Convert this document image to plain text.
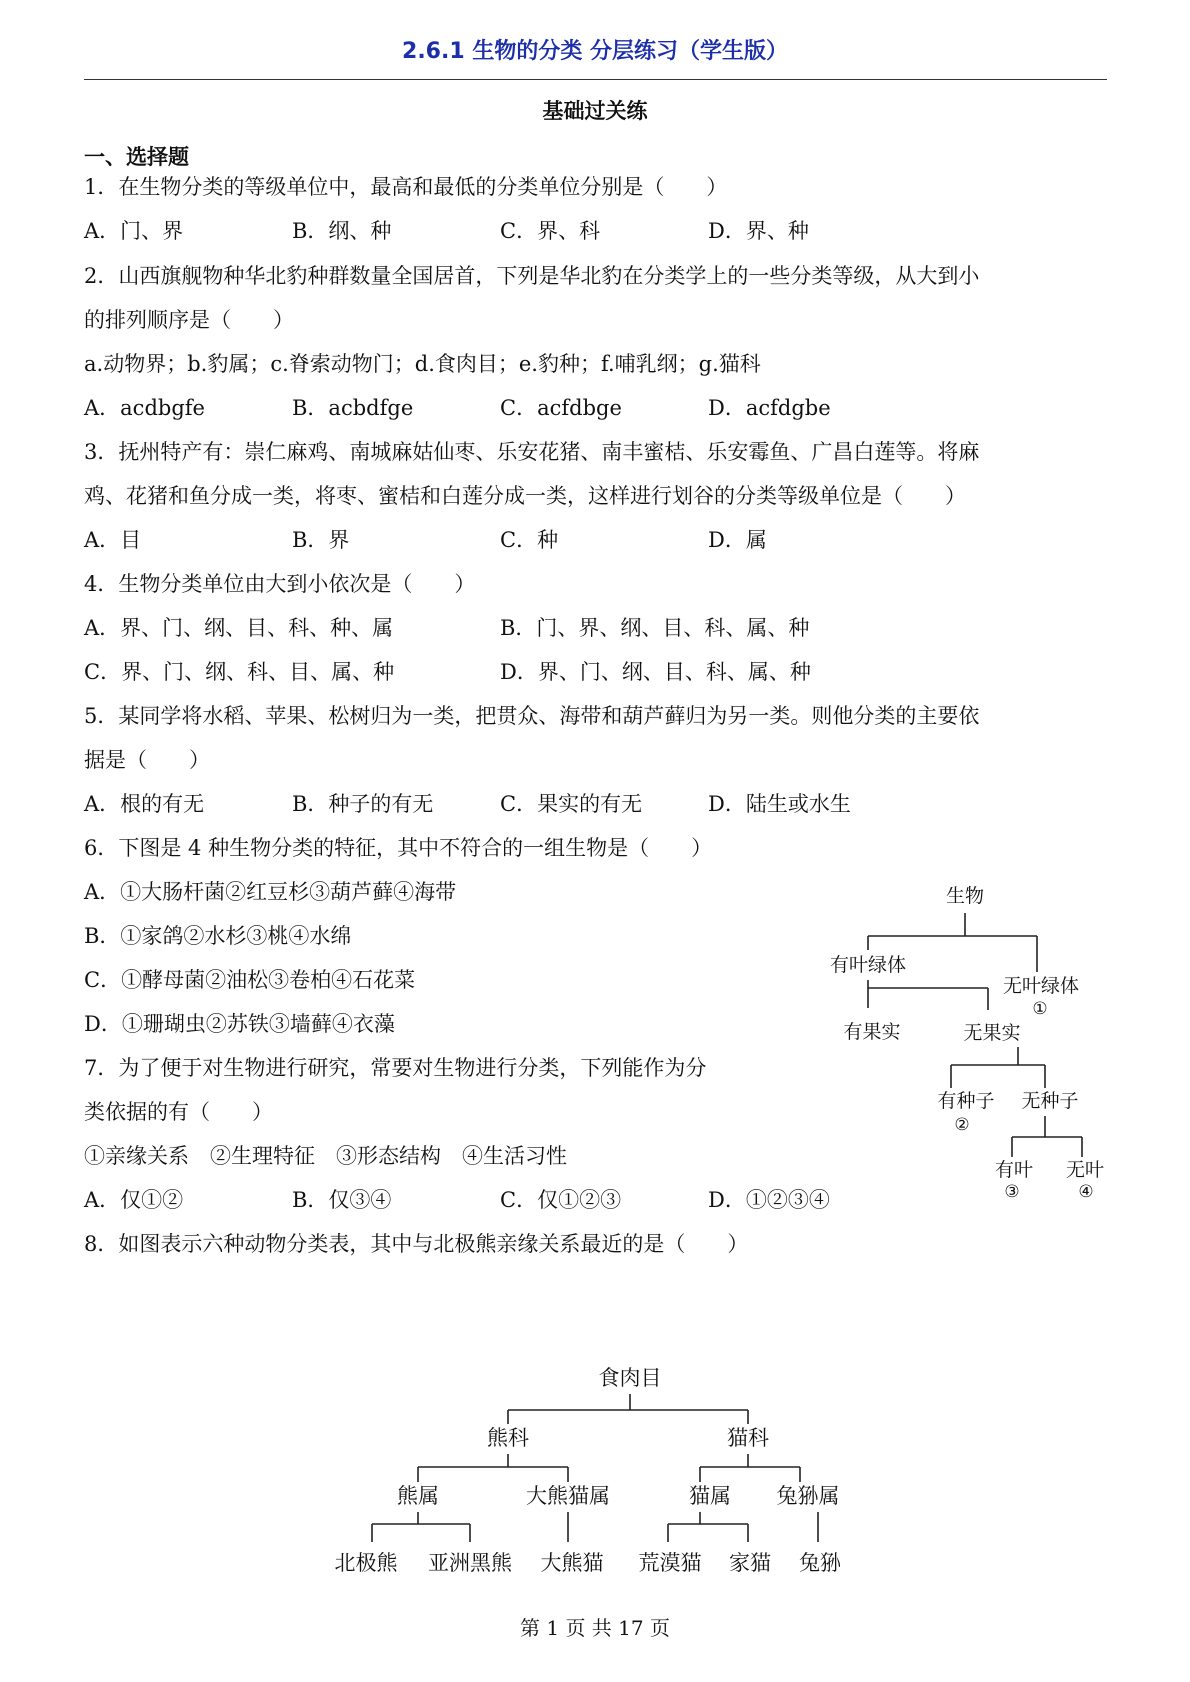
2.6.1 生物的分类 分层练习（学生版）
基础过关练
一、选择题
1．在生物分类的等级单位中，最高和最低的分类单位分别是（　　）
A．门、界	B．纲、种	C．界、科	D．界、种
2．山西旗舰物种华北豹种群数量全国居首，下列是华北豹在分类学上的一些分类等级，从大到小
的排列顺序是（　　）
a.动物界；b.豹属；c.脊索动物门；d.食肉目；e.豹种；f.哺乳纲；g.猫科
A．acdbgfe	B．acbdfge	C．acfdbge	D．acfdgbe
3．抚州特产有：崇仁麻鸡、南城麻姑仙枣、乐安花猪、南丰蜜桔、乐安霉鱼、广昌白莲等。将麻
鸡、花猪和鱼分成一类，将枣、蜜桔和白莲分成一类，这样进行划谷的分类等级单位是（　　）
A．目	B．界	C．种	D．属
4．生物分类单位由大到小依次是（　　）
A．界、门、纲、目、科、种、属	B．门、界、纲、目、科、属、种
C．界、门、纲、科、目、属、种	D．界、门、纲、目、科、属、种
5．某同学将水稻、苹果、松树归为一类，把贯众、海带和葫芦藓归为另一类。则他分类的主要依
据是（　　）
A．根的有无	B．种子的有无	C．果实的有无	D．陆生或水生
6．下图是 4 种生物分类的特征，其中不符合的一组生物是（　　）
A．①大肠杆菌②红豆杉③葫芦藓④海带
B．①家鸽②水杉③桃④水绵
C．①酵母菌②油松③卷柏④石花菜
D．①珊瑚虫②苏铁③墙藓④衣藻
生物
有叶绿体
无叶绿体
①
有果实	无果实
有种子
②
无种子
有叶
③
无叶
④
7．为了便于对生物进行研究，常要对生物进行分类，下列能作为分
类依据的有（　　）
①亲缘关系　②生理特征　③形态结构　④生活习性
A．仅①②	B．仅③④	C．仅①②③	D．①②③④
8．如图表示六种动物分类表，其中与北极熊亲缘关系最近的是（　　）
食肉目
熊科	猫科
熊属	大熊猫属	猫属 兔狲属
北极熊 亚洲黑熊 大熊猫 荒漠猫 家猫 兔狲
第 1 页 共 17 页
